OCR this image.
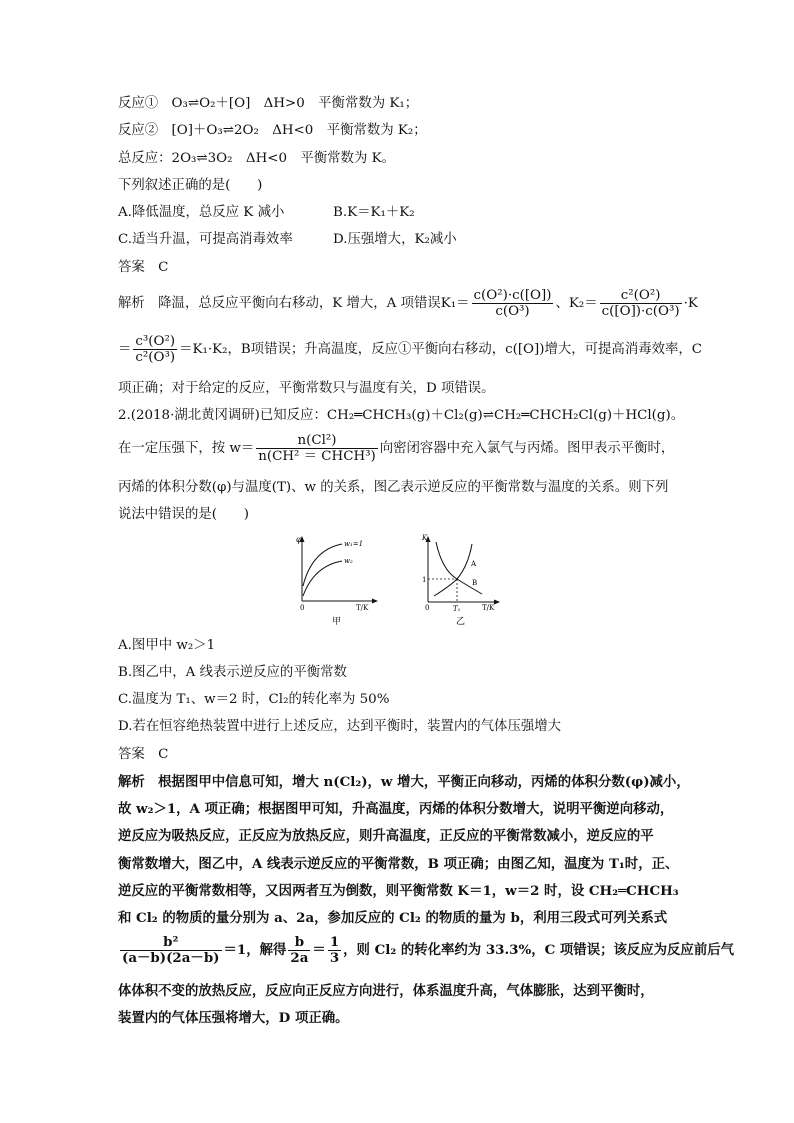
反应①　O₃⇌O₂＋[O]　ΔH>0　平衡常数为 K₁；
反应②　[O]＋O₃⇌2O₂　ΔH<0　平衡常数为 K₂；
总反应：2O₃⇌3O₂　ΔH<0　平衡常数为 K。
下列叙述正确的是(　　)
A.降低温度，总反应 K 减小	B.K＝K₁＋K₂
C.适当升温，可提高消毒效率	D.压强增大，K₂减小
答案　C
解析　降温，总反应平衡向右移动，K 增大，A 项错误$K_1= \frac{\text{c(O²)·c([O])}}{\text{c(O³)}}$ 、$K_2= \frac{\text{c²(O²)}}{\text{c([O])·c(O³)}} \cdot K$
＝ $\frac{\text{c³(O²)}}{\text{c²(O³)}} =K_1\cdot K_2$，B项错误；升高温度，反应①平衡向右移动，c([O])增大，可提高消毒效率，C
项正确；对于给定的反应，平衡常数只与温度有关，D 项错误。
2.(2018·湖北黄冈调研)已知反应：CH₂═CHCH₃(g)＋Cl₂(g)⇌CH₂═CHCH₂Cl(g)＋HCl(g)。
在一定压强下，按 $w= \frac{\text{n(Cl²)}}{\text{n(CH² ＝ CHCH³)}}$ 向密闭容器中充入氯气与丙烯。图甲表示平衡时，
丙烯的体积分数(φ)与温度(T)、w 的关系，图乙表示逆反应的平衡常数与温度的关系。则下列
说法中错误的是(　　)
φ
0	T/K
w₁=1
w₂
甲
K
1
0	T₁	T/K
A
B
乙
A.图甲中 w₂＞1
B.图乙中，A 线表示逆反应的平衡常数
C.温度为 T₁、w＝2 时，Cl₂的转化率为 50%
D.若在恒容绝热装置中进行上述反应，达到平衡时，装置内的气体压强增大
答案　C
解析　根据图甲中信息可知，增大 n(Cl₂)，w 增大，平衡正向移动，丙烯的体积分数(φ)减小，
故 w₂＞1，A 项正确；根据图甲可知，升高温度，丙烯的体积分数增大，说明平衡逆向移动，
逆反应为吸热反应，正反应为放热反应，则升高温度，正反应的平衡常数减小，逆反应的平
衡常数增大，图乙中，A 线表示逆反应的平衡常数，B 项正确；由图乙知，温度为 T₁时，正、
逆反应的平衡常数相等，又因两者互为倒数，则平衡常数 K＝1，w＝2 时，设 CH₂═CHCH₃
和 Cl₂ 的物质的量分别为 a、2a，参加反应的 Cl₂ 的物质的量为 b，利用三段式可列关系式
$\frac{\text{b²}}{(a-b)(2a-b)} =1$，解得 $\frac{b}{2a} = \frac{1}{3}$ ，则 Cl₂ 的转化率约为 33.3%，C 项错误；该反应为反应前后气
体体积不变的放热反应，反应向正反应方向进行，体系温度升高，气体膨胀，达到平衡时，
装置内的气体压强将增大，D 项正确。
